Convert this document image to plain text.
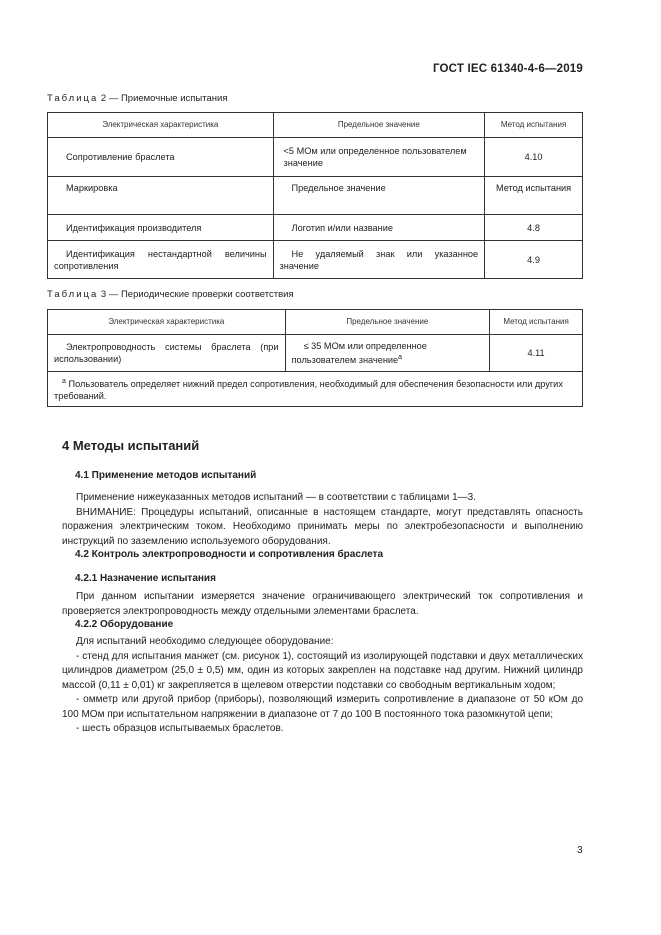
ГОСТ IEC 61340-4-6—2019
Таблица 2 — Приемочные испытания
Электрическая характеристика	Предельное значение	Метод испытания
Сопротивление браслета	<5 МОм или определенное пользователем значение	4.10
Маркировка	Предельное значение	Метод испытания
Идентификация производителя	Логотип и/или название	4.8
Идентификация нестандартной величины сопротивления	Не удаляемый знак или указанное значение	4.9
Таблица 3 — Периодические проверки соответствия
Электрическая характеристика	Предельное значение	Метод испытания
Электропроводность системы браслета (при использовании)	≤ 35 МОм или определенное пользователем значение$^а$	4.11
$^а$ Пользователь определяет нижний предел сопротивления, необходимый для обеспечения безопасности или других требований.		
4 Методы испытаний
4.1 Применение методов испытаний

Применение нижеуказанных методов испытаний — в соответствии с таблицами 1—3.

ВНИМАНИЕ: Процедуры испытаний, описанные в настоящем стандарте, могут представлять опасность поражения электрическим током. Необходимо принимать меры по электробезопасности и выполнению инструкций по заземлению используемого оборудования.

4.2 Контроль электропроводности и сопротивления браслета
4.2.1 Назначение испытания

При данном испытании измеряется значение ограничивающего электрический ток сопротивления и проверяется электропроводность между отдельными элементами браслета.

4.2.2 Оборудование

Для испытаний необходимо следующее оборудование:

- стенд для испытания манжет (см. рисунок 1), состоящий из изолирующей подставки и двух металлических цилиндров диаметром (25,0 ± 0,5) мм, один из которых закреплен на подставке над другим. Нижний цилиндр массой (0,11 ± 0,01) кг закрепляется в щелевом отверстии подставки со свободным вертикальным ходом;

- омметр или другой прибор (приборы), позволяющий измерить сопротивление в диапазоне от 50 кОм до 100 МОм при испытательном напряжении в диапазоне от 7 до 100 В постоянного тока разомкнутой цепи;

- шесть образцов испытываемых браслетов.

3
